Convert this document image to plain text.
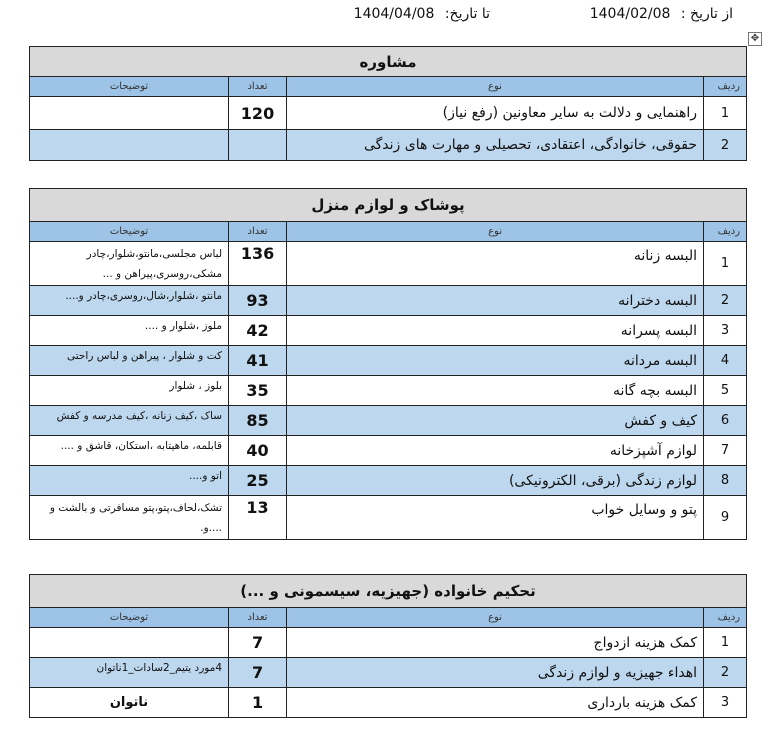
از تاریخ : 1404/02/08
تا تاریخ: 1404/04/08
✥
مشاوره			
ردیف	نوع	تعداد	توضیحات
1	راهنمایی و دلالت به سایر معاونین (رفع نیاز)	120	
2	حقوقی، خانوادگی، اعتقادی، تحصیلی و مهارت های زندگی		
پوشاک و لوازم منزل			
ردیف	نوع	تعداد	توضیحات
1	البسه زنانه	136	لباس مجلسی،مانتو،شلوار،چادر مشکی،روسری،پیراهن و ...
2	البسه دخترانه	93	مانتو ،شلوار،شال،روسری،چادر و....
3	البسه پسرانه	42	ملوز ،شلوار و ....
4	البسه مردانه	41	کت و شلوار ، پیراهن و لباس راحتی
5	البسه بچه گانه	35	بلوز ، شلوار
6	کیف و کفش	85	ساک ،کیف زنانه ،کیف مدرسه و کفش
7	لوازم آشپزخانه	40	قابلمه، ماهیتابه ،استکان، قاشق و ....
8	لوازم زندگی (برقی، الکترونیکی)	25	اتو و....
9	پتو و وسایل خواب	13	تشک،لحاف،پتو،پتو مسافرتی و بالشت و ....و.
تحکیم خانواده (جهیزیه، سیسمونی و ...)			
ردیف	نوع	تعداد	توضیحات
1	کمک هزینه ازدواج	7	
2	اهداء جهیزیه و لوازم زندگی	7	4مورد یتیم_2سادات_1ناتوان
3	کمک هزینه بارداری	1	ناتوان
